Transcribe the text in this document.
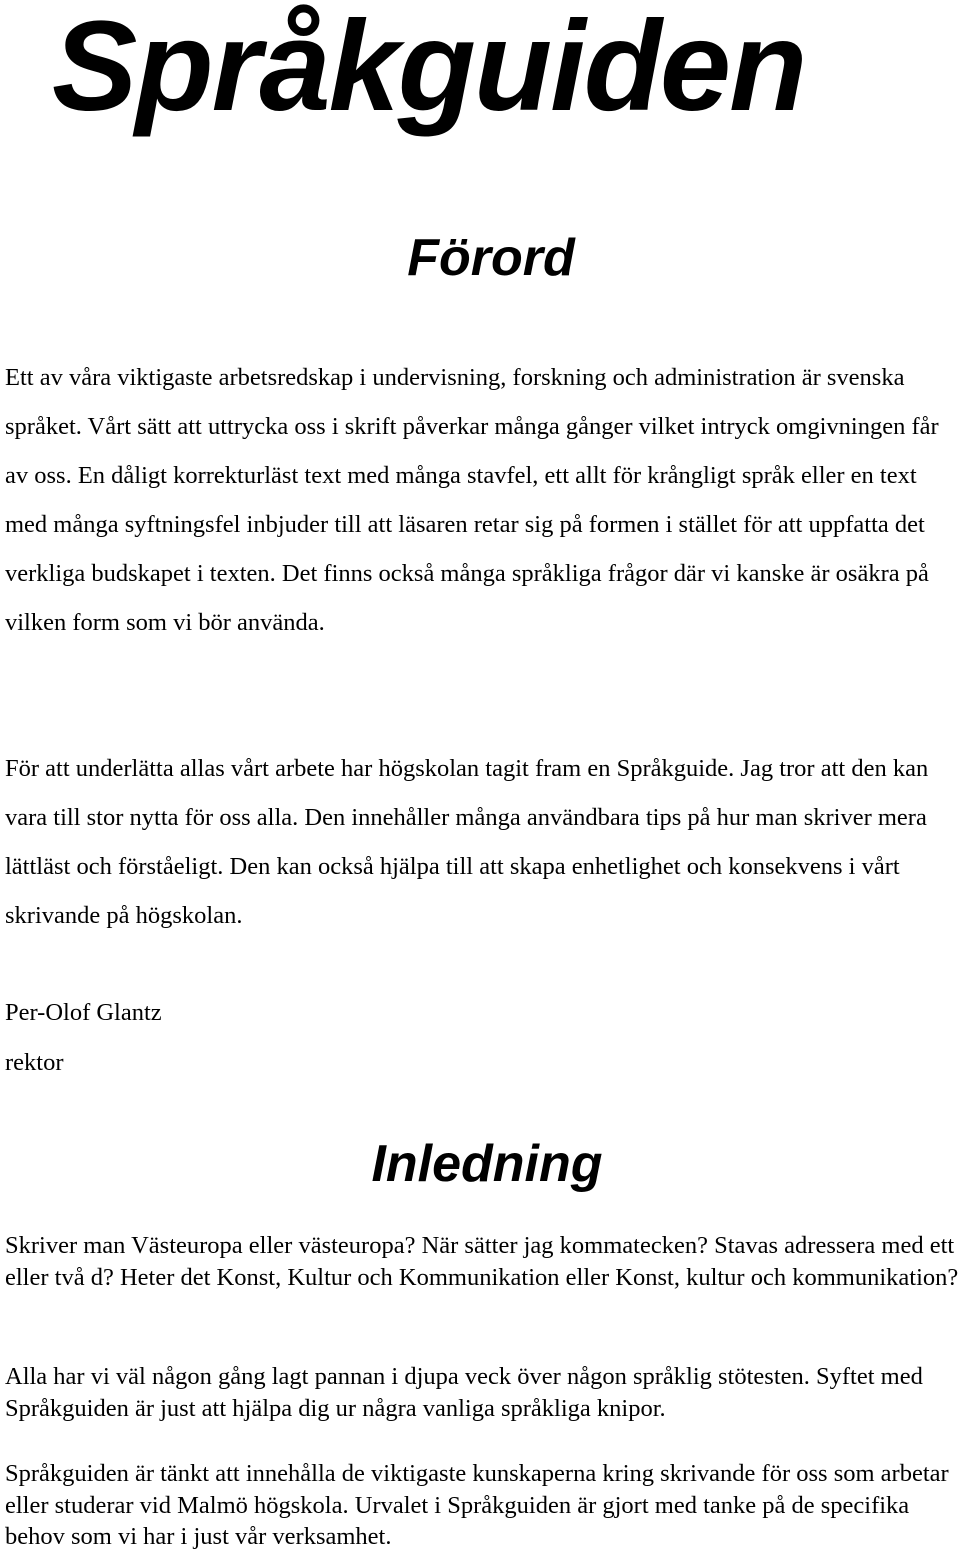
Språkguiden
Förord

Ett av våra viktigaste arbetsredskap i undervisning, forskning och administration är svenska språket. Vårt sätt att uttrycka oss i skrift påverkar många gånger vilket intryck omgivningen får av oss. En dåligt korrekturläst text med många stavfel, ett allt för krångligt språk eller en text med många syftningsfel inbjuder till att läsaren retar sig på formen i stället för att uppfatta det verkliga budskapet i texten. Det finns också många språkliga frågor där vi kanske är osäkra på vilken form som vi bör använda.

För att underlätta allas vårt arbete har högskolan tagit fram en Språkguide. Jag tror att den kan vara till stor nytta för oss alla. Den innehåller många användbara tips på hur man skriver mera lättläst och förståeligt. Den kan också hjälpa till att skapa enhetlighet och konsekvens i vårt skrivande på högskolan.

Per-Olof Glantz

rektor

Inledning

Skriver man Västeuropa eller västeuropa? När sätter jag kommatecken? Stavas adressera med ett eller två d? Heter det Konst, Kultur och Kommunikation eller Konst, kultur och kommunikation?

Alla har vi väl någon gång lagt pannan i djupa veck över någon språklig stötesten. Syftet med Språkguiden är just att hjälpa dig ur några vanliga språkliga knipor.

Språkguiden är tänkt att innehålla de viktigaste kunskaperna kring skrivande för oss som arbetar eller studerar vid Malmö högskola. Urvalet i Språkguiden är gjort med tanke på de specifika behov som vi har i just vår verksamhet.
